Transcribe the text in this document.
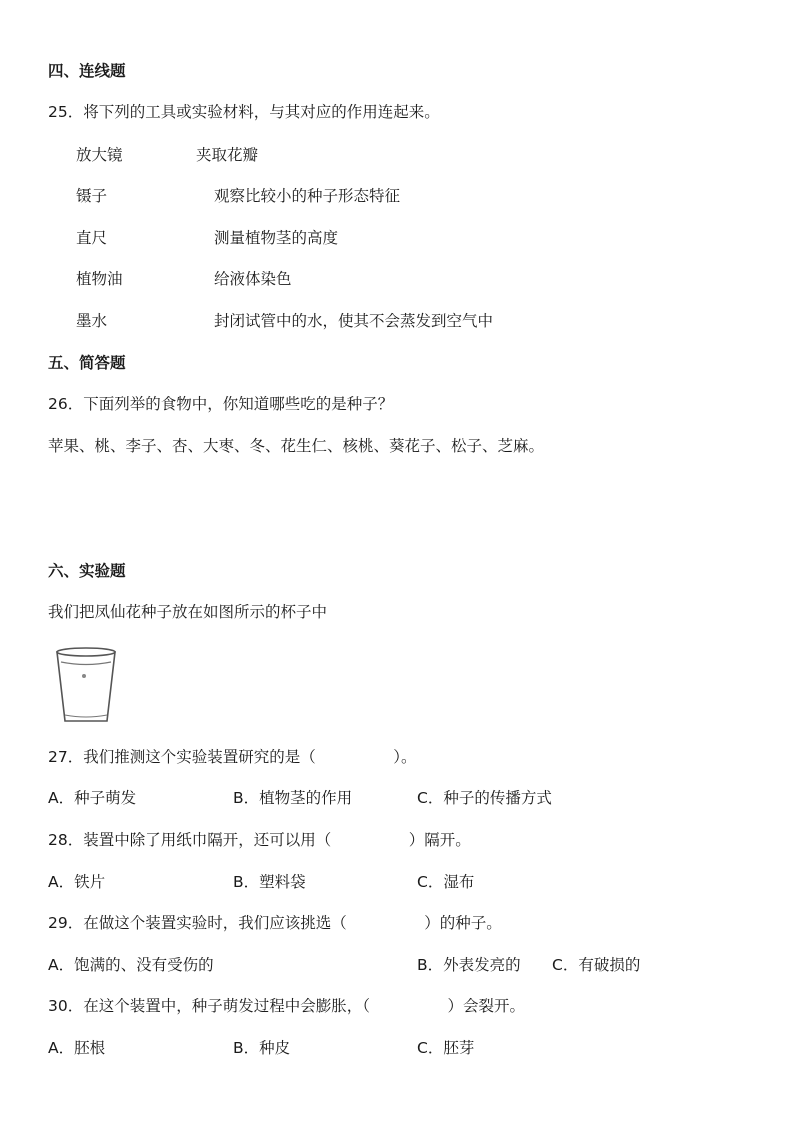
四、连线题
25．将下列的工具或实验材料，与其对应的作用连起来。
放大镜	夹取花瓣
镊子	观察比较小的种子形态特征
直尺	测量植物茎的高度
植物油	给液体染色
墨水	封闭试管中的水，使其不会蒸发到空气中
五、简答题
26．下面列举的食物中，你知道哪些吃的是种子？
苹果、桃、李子、杏、大枣、冬、花生仁、核桃、葵花子、松子、芝麻。
六、实验题
我们把凤仙花种子放在如图所示的杯子中
27．我们推测这个实验装置研究的是（　　　　　）。
A．种子萌发	B．植物茎的作用	C．种子的传播方式
28．装置中除了用纸巾隔开，还可以用（　　　　　）隔开。
A．铁片	B．塑料袋	C．湿布
29．在做这个装置实验时，我们应该挑选（　　　　　）的种子。
A．饱满的、没有受伤的	B．外表发亮的 C．有破损的
30．在这个装置中，种子萌发过程中会膨胀，（　　　　　）会裂开。
A．胚根	B．种皮	C．胚芽
